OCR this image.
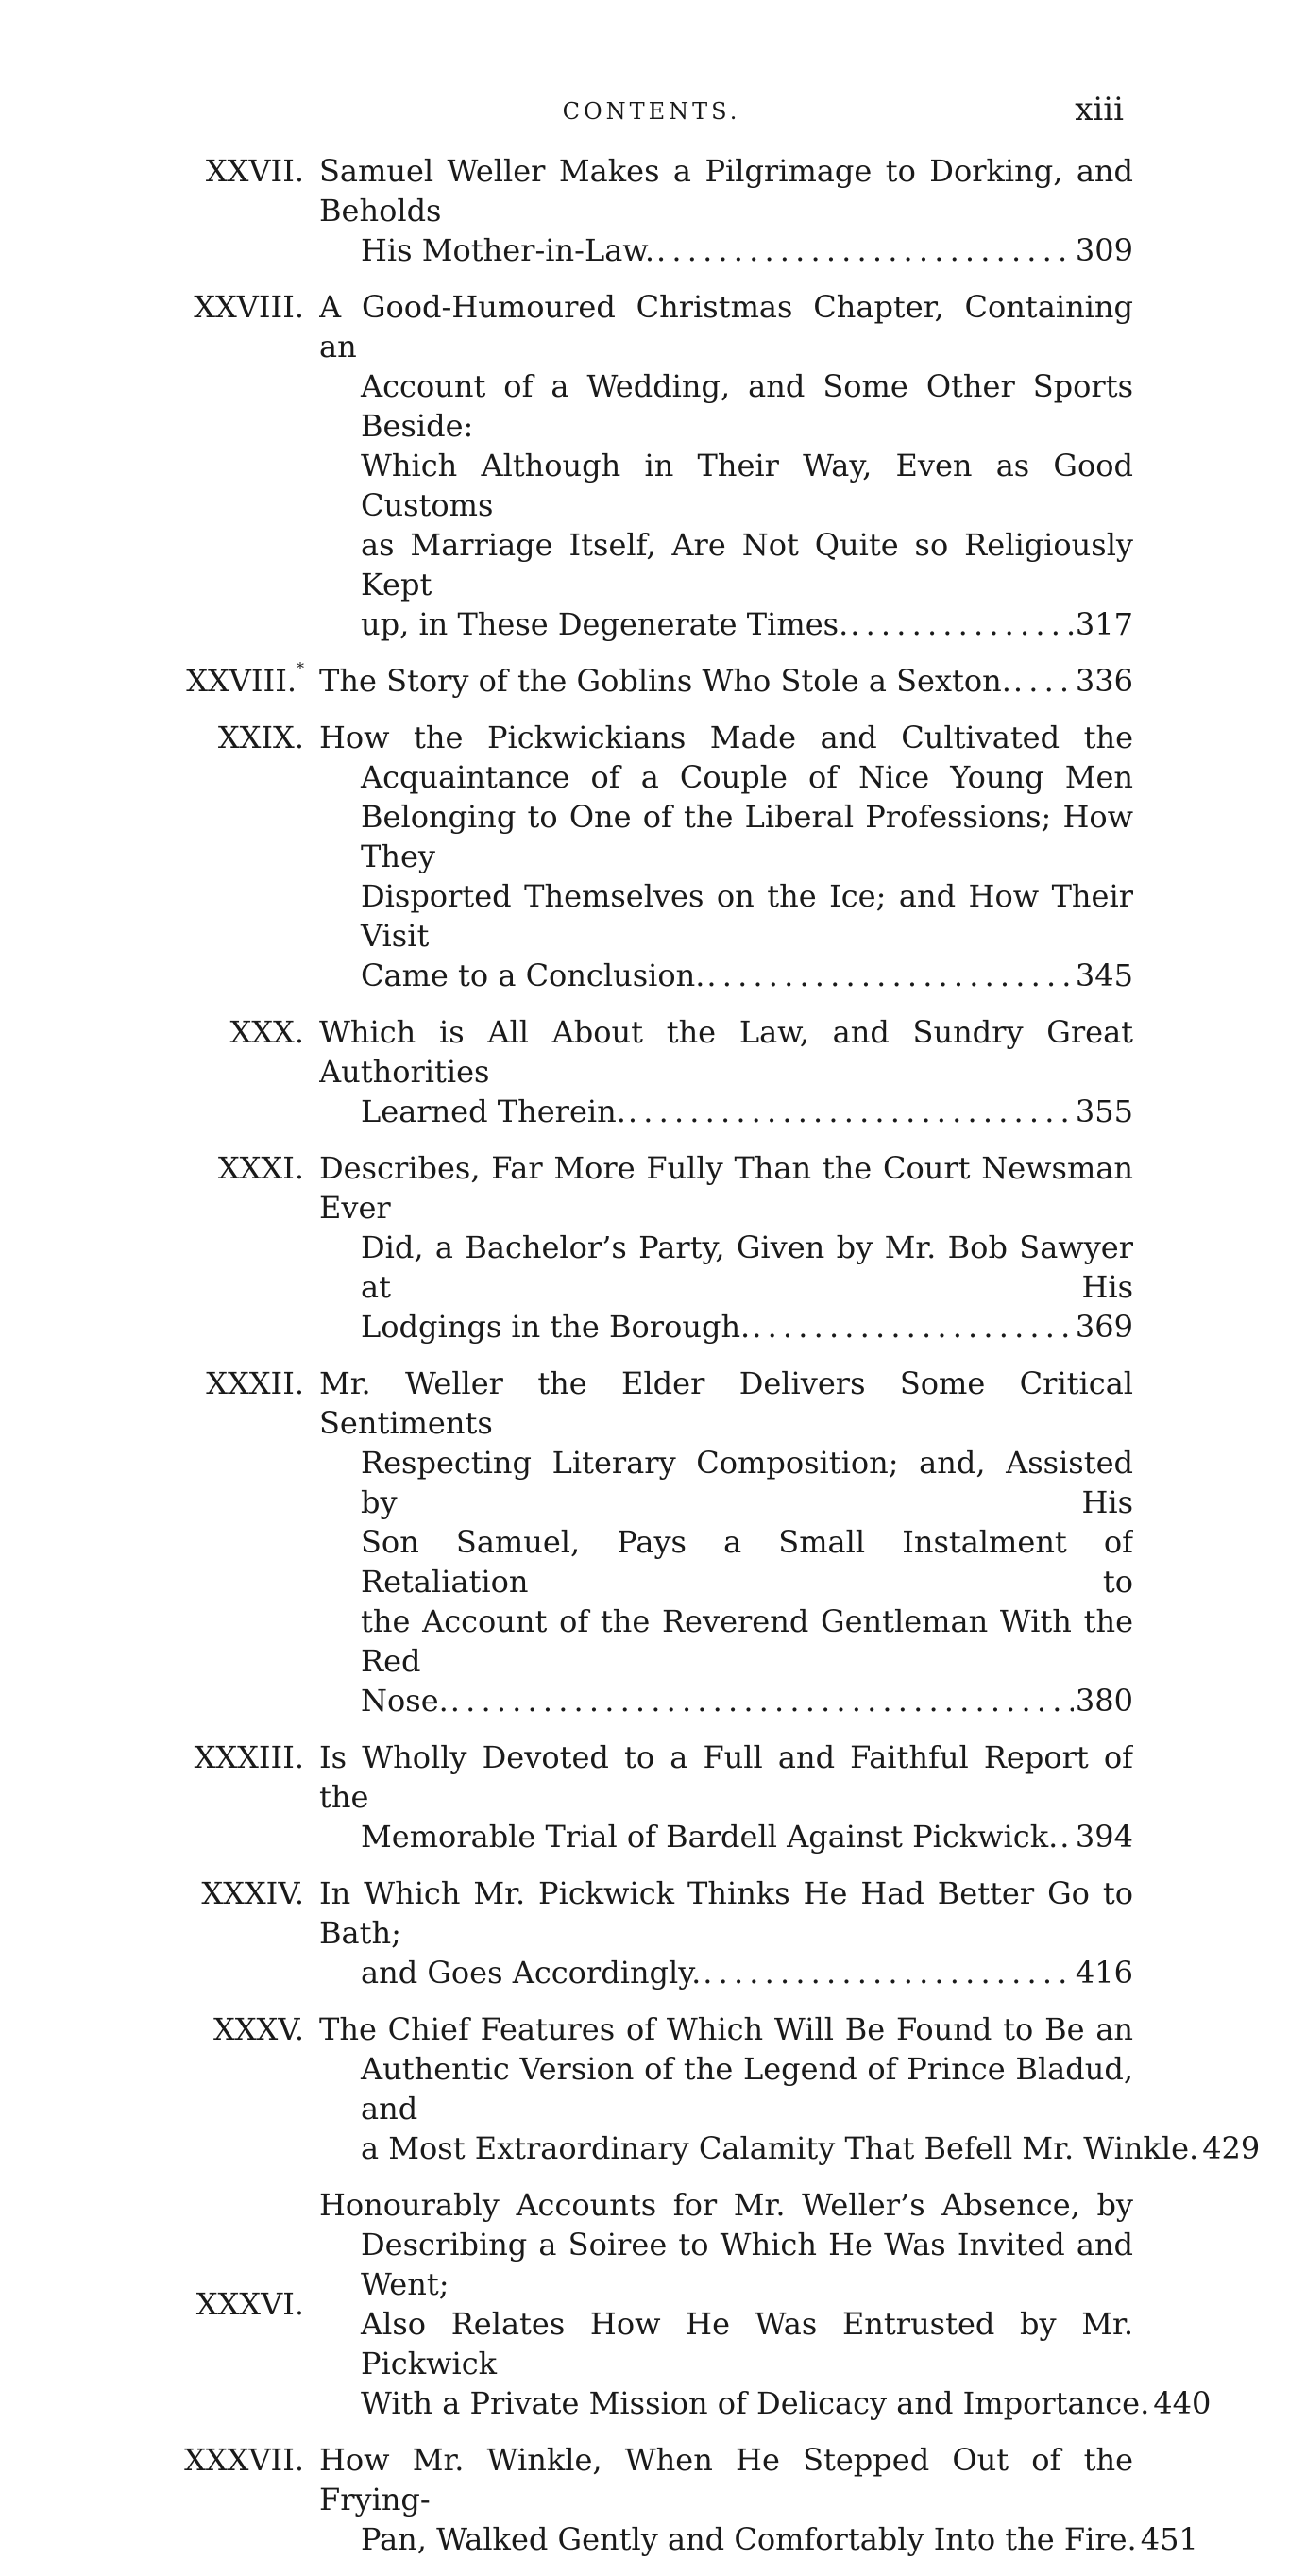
CONTENTS.	xiii
XXVII. Samuel Weller Makes a Pilgrimage to Dorking, and Beholds
His Mother-in-Law. . . .	309
XXVIII. A Good-Humoured Christmas Chapter, Containing an
Account of a Wedding, and Some Other Sports Beside:
Which Although in Their Way, Even as Good Customs
as Marriage Itself, Are Not Quite so Religiously Kept
up, in These Degenerate Times. . . .	317
XXVIII.* The Story of the Goblins Who Stole a Sexton. . . . 336
XXIX. How the Pickwickians Made and Cultivated the
Acquaintance of a Couple of Nice Young Men
Belonging to One of the Liberal Professions; How They
Disported Themselves on the Ice; and How Their Visit
Came to a Conclusion. . . .	345
XXX. Which is All About the Law, and Sundry Great Authorities
Learned Therein. . . .	355
XXXI. Describes, Far More Fully Than the Court Newsman Ever
Did, a Bachelor’s Party, Given by Mr. Bob Sawyer at His
Lodgings in the Borough. . . .	369
XXXII. Mr. Weller the Elder Delivers Some Critical Sentiments
Respecting Literary Composition; and, Assisted by His
Son Samuel, Pays a Small Instalment of Retaliation to
the Account of the Reverend Gentleman With the Red
Nose. . . .	380
XXXIII. Is Wholly Devoted to a Full and Faithful Report of the
Memorable Trial of Bardell Against Pickwick. . . . 394
XXXIV. In Which Mr. Pickwick Thinks He Had Better Go to Bath;
and Goes Accordingly. . . .	416
XXXV. The Chief Features of Which Will Be Found to Be an
Authentic Version of the Legend of Prince Bladud, and
a Most Extraordinary Calamity That Befell Mr. Winkle. 429
XXXVI.
Honourably Accounts for Mr. Weller’s Absence, by
Describing a Soiree to Which He Was Invited and Went;
Also Relates How He Was Entrusted by Mr. Pickwick
With a Private Mission of Delicacy and Importance. 440
XXXVII. How Mr. Winkle, When He Stepped Out of the Frying-
Pan, Walked Gently and Comfortably Into the Fire. 451
